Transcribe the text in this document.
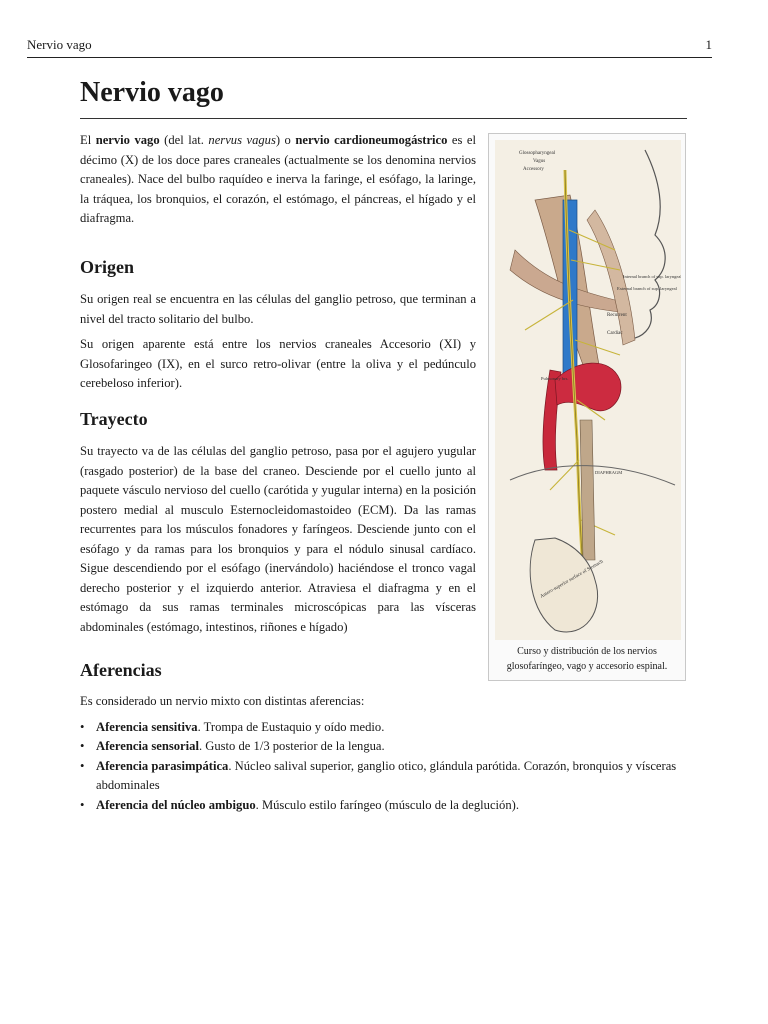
Nervio vago	1
Nervio vago

El nervio vago (del lat. nervus vagus) o nervio cardioneumogástrico es el décimo (X) de los doce pares craneales (actualmente se los denomina nervios craneales). Nace del bulbo raquídeo e inerva la faringe, el esófago, la laringe, la tráquea, los bronquios, el corazón, el estómago, el páncreas, el hígado y el diafragma.

Glossopharyngeal
Vagus
Accessory
Internal branch of sup. laryngeal
External branch of sup. laryngeal
Recurrent
Cardiac
Pulmonary brs.
DIAPHRAGM
Antero-superior surface of Stomach
Curso y distribución de los nervios glosofaríngeo, vago y accesorio espinal.
Origen

Su origen real se encuentra en las células del ganglio petroso, que terminan a nivel del tracto solitario del bulbo.

Su origen aparente está entre los nervios craneales Accesorio (XI) y Glosofaringeo (IX), en el surco retro-olivar (entre la oliva y el pedúnculo cerebeloso inferior).

Trayecto

Su trayecto va de las células del ganglio petroso, pasa por el agujero yugular (rasgado posterior) de la base del craneo. Desciende por el cuello junto al paquete vásculo nervioso del cuello (carótida y yugular interna) en la posición postero medial al musculo Esternocleidomastoideo (ECM). Da las ramas recurrentes para los músculos fonadores y faríngeos. Desciende junto con el esófago y da ramas para los bronquios y para el nódulo sinusal cardíaco. Sigue descendiendo por el esófago (inervándolo) haciéndose el tronco vagal derecho posterior y el izquierdo anterior. Atraviesa el diafragma y en el estómago da sus ramas terminales microscópicas para las vísceras abdominales (estómago, intestinos, riñones e hígado)

Aferencias

Es considerado un nervio mixto con distintas aferencias:

• Aferencia sensitiva. Trompa de Eustaquio y oído medio.
• Aferencia sensorial. Gusto de 1/3 posterior de la lengua.
• Aferencia parasimpática. Núcleo salival superior, ganglio otico, glándula parótida. Corazón, bronquios y vísceras abdominales
• Aferencia del núcleo ambiguo. Músculo estilo faríngeo (músculo de la deglución).
